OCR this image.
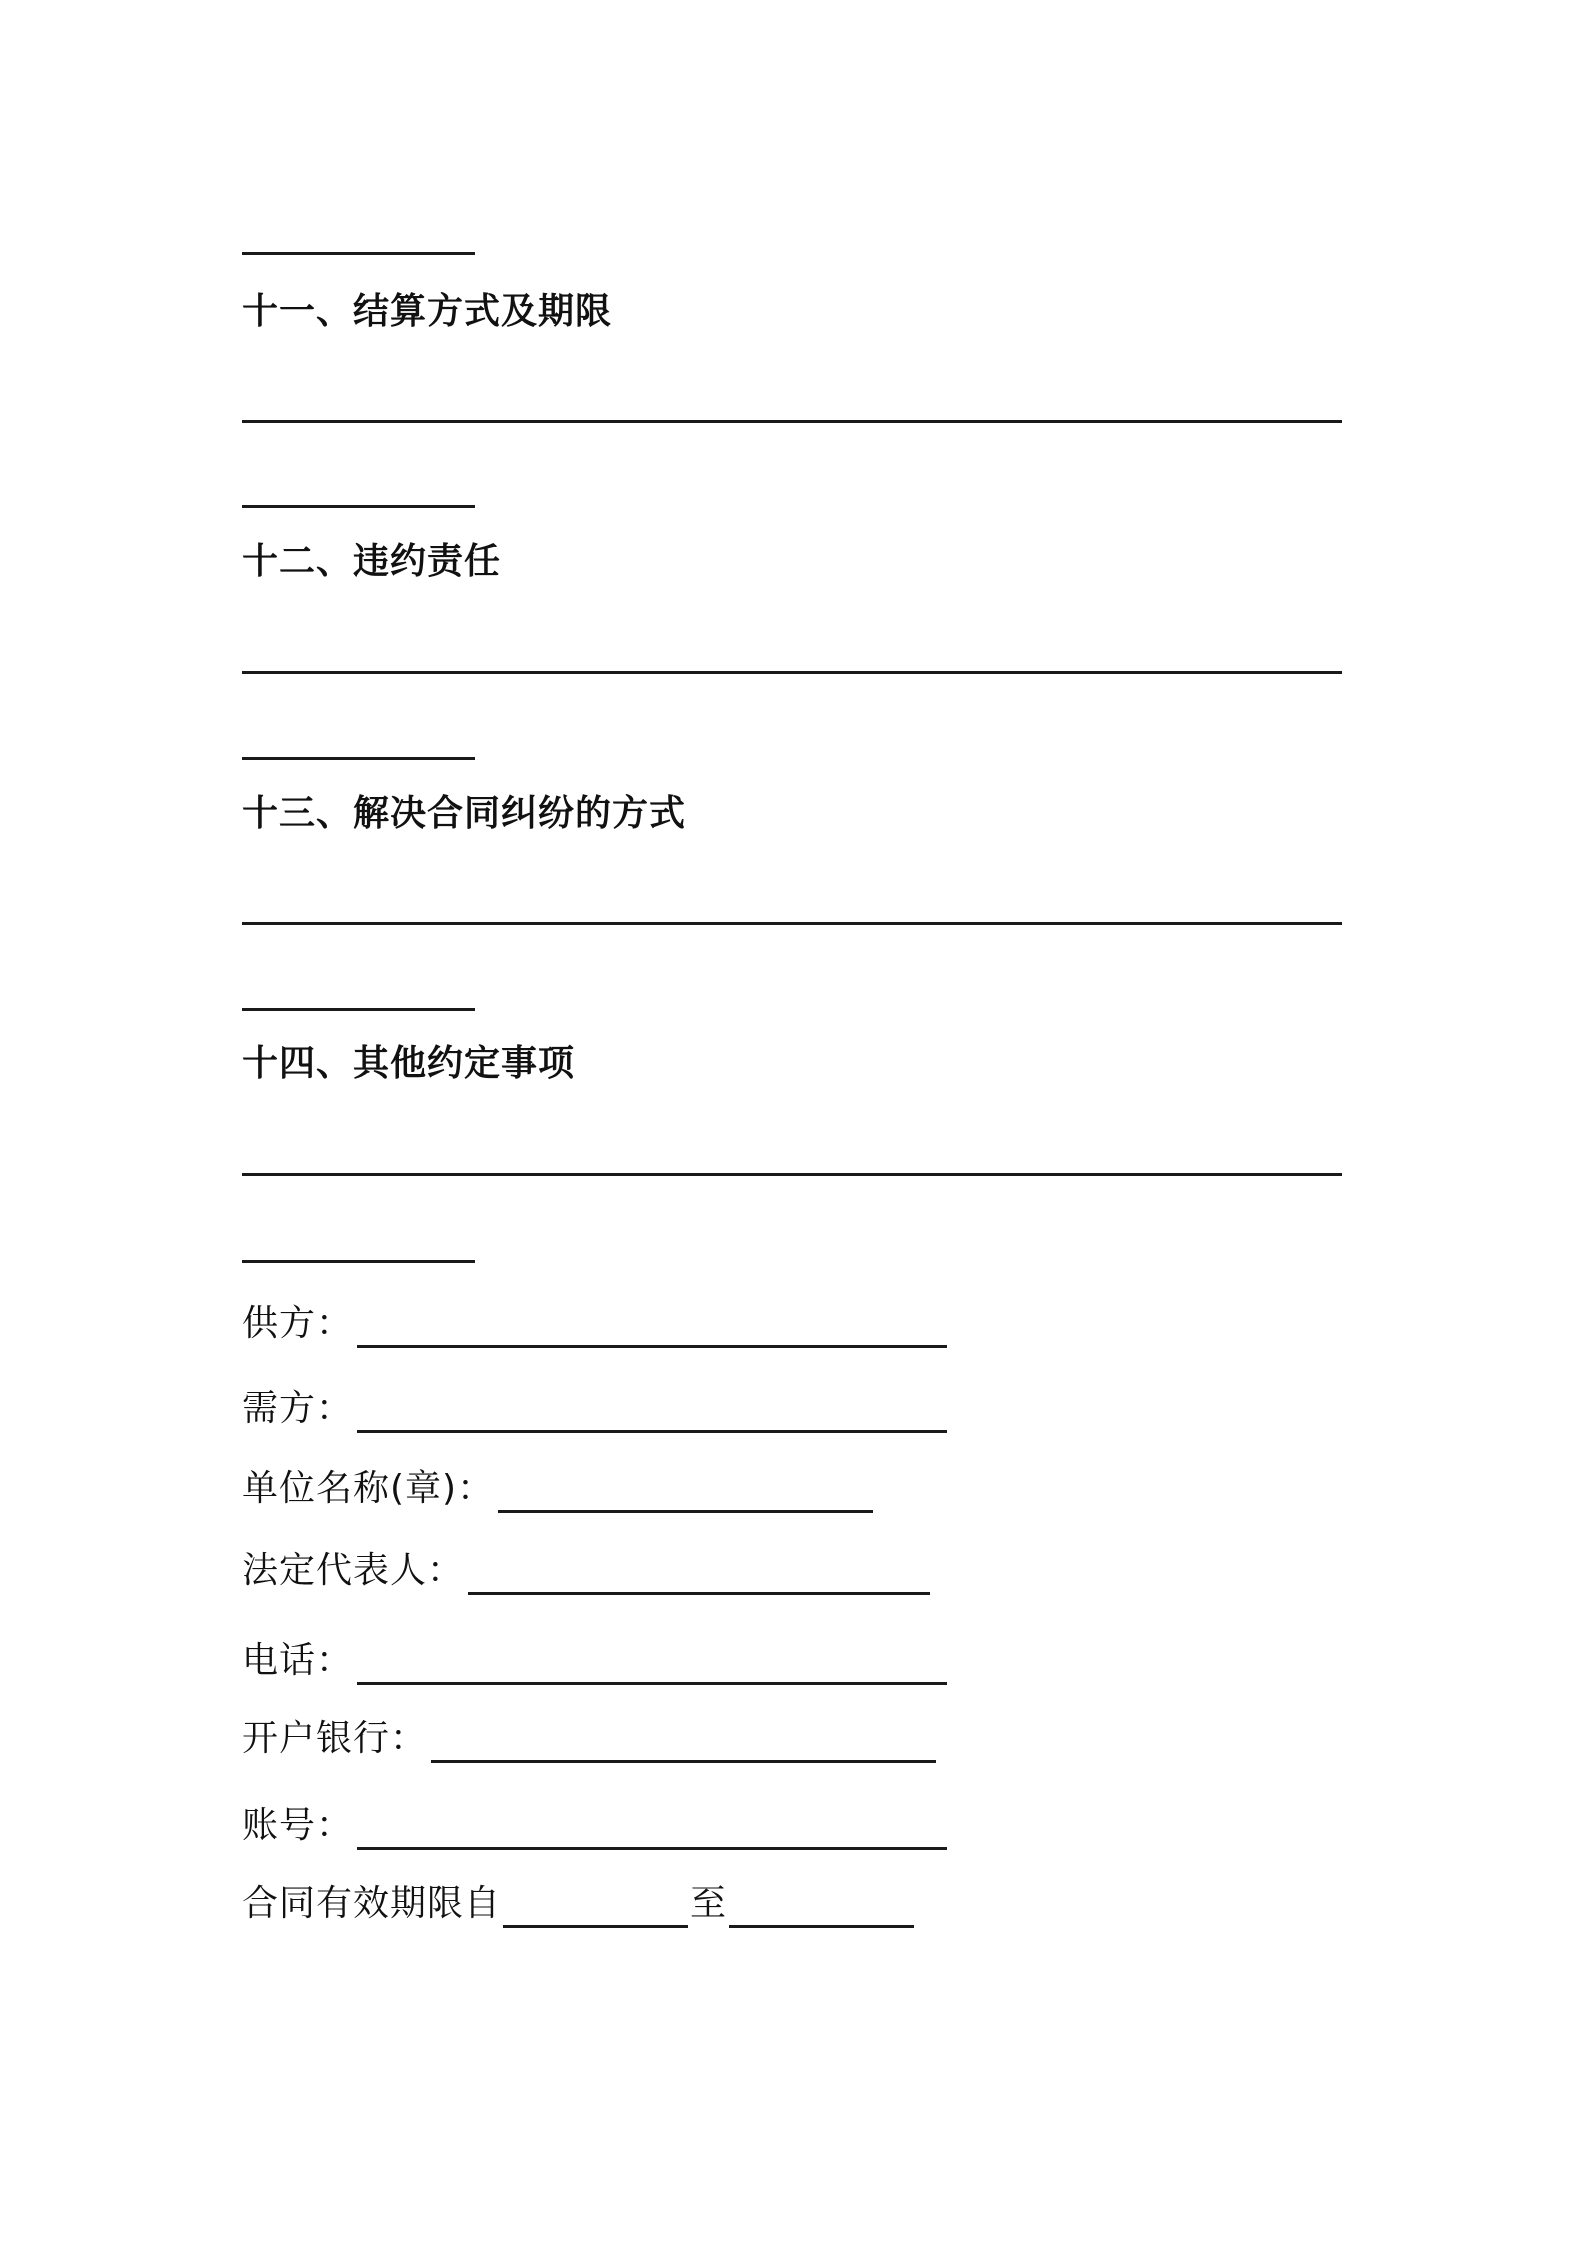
十一、结算方式及期限
十二、违约责任
十三、解决合同纠纷的方式
十四、其他约定事项
供方：
需方：
单位名称(章)：
法定代表人：
电话：
开户银行：
账号：
合同有效期限自	至
